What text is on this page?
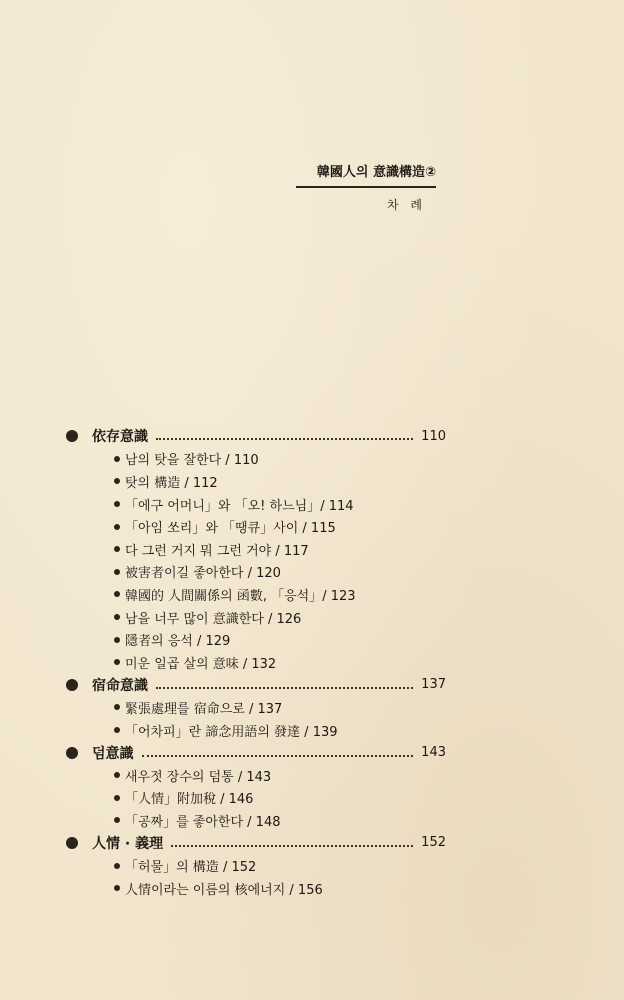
韓國人의 意識構造②
차 례
依存意識	110
남의 탓을 잘한다 / 110
탓의 構造 / 112
「에구 어머니」와 「오! 하느님」/ 114
「아임 쏘리」와 「땡큐」사이 / 115
다 그런 거지 뭐 그런 거야 / 117
被害者이길 좋아한다 / 120
韓國的 人間關係의 函數, 「응석」/ 123
남을 너무 많이 意識한다 / 126
隱者의 응석 / 129
미운 일곱 살의 意味 / 132
宿命意識	137
緊張處理를 宿命으로 / 137
「어차피」란 諦念用語의 發達 / 139
덤意識	143
새우젓 장수의 덤통 / 143
「人情」附加稅 / 146
「공짜」를 좋아한다 / 148
人情 · 義理	152
「허물」의 構造 / 152
人情이라는 이름의 核에너지 / 156
